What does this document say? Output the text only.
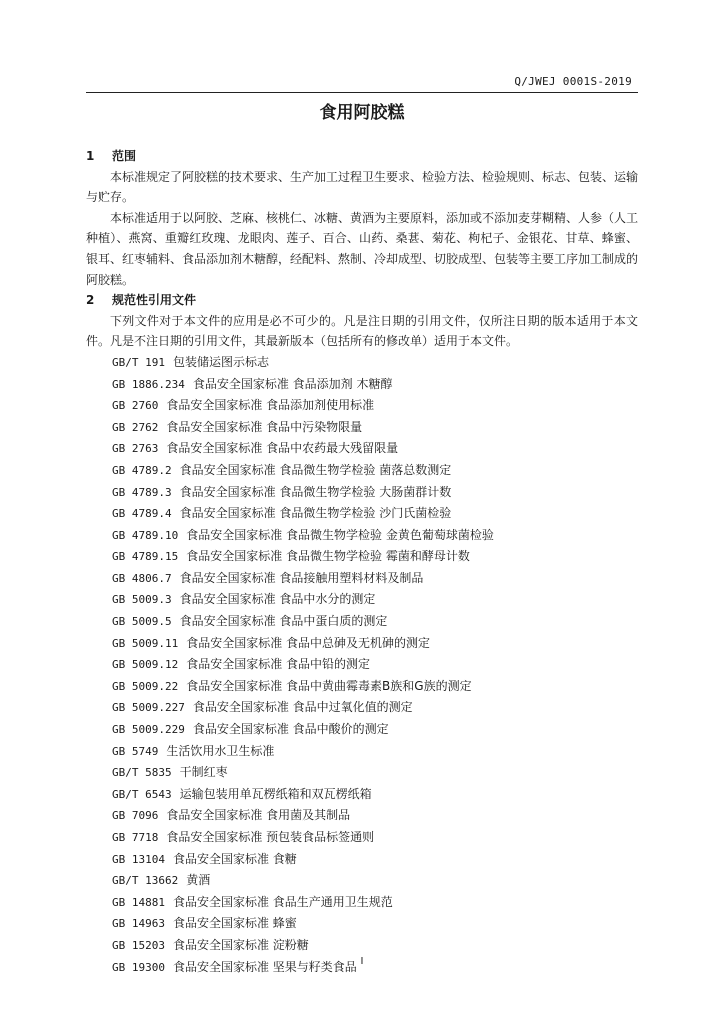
Q/JWEJ 0001S-2019
食用阿胶糕
1 范围
本标准规定了阿胶糕的技术要求、生产加工过程卫生要求、检验方法、检验规则、标志、包装、运输与贮存。
本标准适用于以阿胶、芝麻、核桃仁、冰糖、黄酒为主要原料，添加或不添加麦芽糊精、人参（人工种植）、燕窝、重瓣红玫瑰、龙眼肉、莲子、百合、山药、桑葚、菊花、枸杞子、金银花、甘草、蜂蜜、银耳、红枣辅料、食品添加剂木糖醇，经配料、熬制、冷却成型、切胶成型、包装等主要工序加工制成的阿胶糕。
2 规范性引用文件
下列文件对于本文件的应用是必不可少的。凡是注日期的引用文件，仅所注日期的版本适用于本文件。凡是不注日期的引用文件，其最新版本（包括所有的修改单）适用于本文件。
GB/T 191 包装储运图示标志
GB 1886.234 食品安全国家标准 食品添加剂 木糖醇
GB 2760 食品安全国家标准 食品添加剂使用标准
GB 2762 食品安全国家标准 食品中污染物限量
GB 2763 食品安全国家标准 食品中农药最大残留限量
GB 4789.2 食品安全国家标准 食品微生物学检验 菌落总数测定
GB 4789.3 食品安全国家标准 食品微生物学检验 大肠菌群计数
GB 4789.4 食品安全国家标准 食品微生物学检验 沙门氏菌检验
GB 4789.10 食品安全国家标准 食品微生物学检验 金黄色葡萄球菌检验
GB 4789.15 食品安全国家标准 食品微生物学检验 霉菌和酵母计数
GB 4806.7 食品安全国家标准 食品接触用塑料材料及制品
GB 5009.3 食品安全国家标准 食品中水分的测定
GB 5009.5 食品安全国家标准 食品中蛋白质的测定
GB 5009.11 食品安全国家标准 食品中总砷及无机砷的测定
GB 5009.12 食品安全国家标准 食品中铅的测定
GB 5009.22 食品安全国家标准 食品中黄曲霉毒素B族和G族的测定
GB 5009.227 食品安全国家标准 食品中过氧化值的测定
GB 5009.229 食品安全国家标准 食品中酸价的测定
GB 5749 生活饮用水卫生标准
GB/T 5835 干制红枣
GB/T 6543 运输包装用单瓦楞纸箱和双瓦楞纸箱
GB 7096 食品安全国家标准 食用菌及其制品
GB 7718 食品安全国家标准 预包装食品标签通则
GB 13104 食品安全国家标准 食糖
GB/T 13662 黄酒
GB 14881 食品安全国家标准 食品生产通用卫生规范
GB 14963 食品安全国家标准 蜂蜜
GB 15203 食品安全国家标准 淀粉糖
GB 19300 食品安全国家标准 坚果与籽类食品 I
